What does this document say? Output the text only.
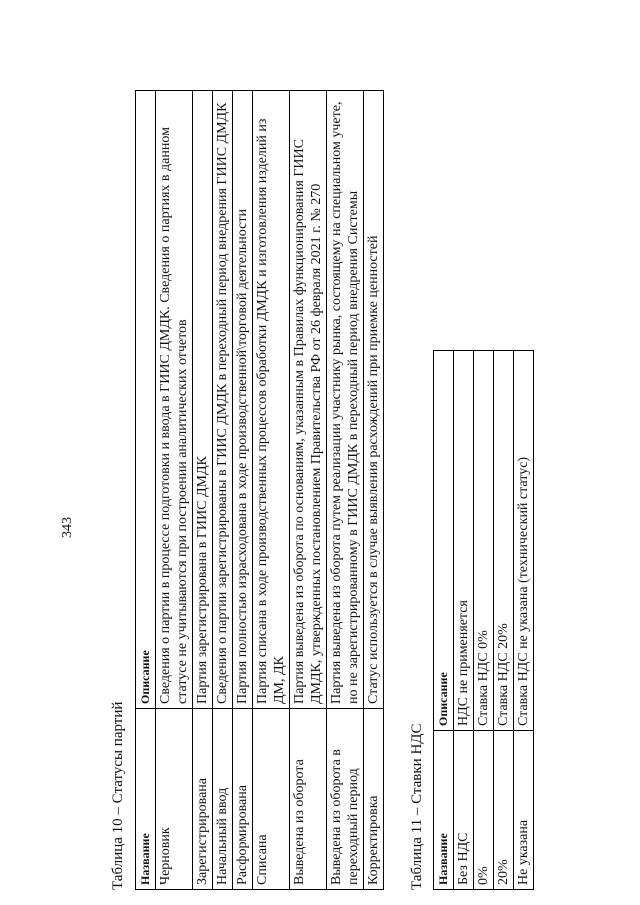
343
Таблица 10 – Статусы партий Название	Описание
Черновик	Сведения о партии в процессе подготовки и ввода в ГИИС ДМДК. Сведения о партиях в данном статусе не учитываются при построении аналитических отчетов
Зарегистрирована	Партия зарегистрирована в ГИИС ДМДК
Начальный ввод	Сведения о партии зарегистрированы в ГИИС ДМДК в переходный период внедрения ГИИС ДМДК
Расформирована	Партия полностью израсходована в ходе производственной\торговой деятельности
Списана	Партия списана в ходе производственных процессов обработки ДМДК и изготовления изделий из ДМ, ДК
Выведена из оборота	Партия выведена из оборота по основаниям, указанным в Правилах функционирования ГИИС ДМДК, утвержденных постановлением Правительства РФ от 26 февраля 2021 г. № 270
Выведена из оборота в переходный период	Партия выведена из оборота путем реализации участнику рынка, состоящему на специальном учете, но не зарегистрированному в ГИИС ДМДК в переходный период внедрения Системы
Корректировка	Статус используется в случае выявления расхождений при приемке ценностей
Таблица 11 – Ставки НДС Название	Описание
Без НДС	НДС не применяется
0%	Ставка НДС 0%
20%	Ставка НДС 20%
Не указана	Ставка НДС не указана (технический статус)
